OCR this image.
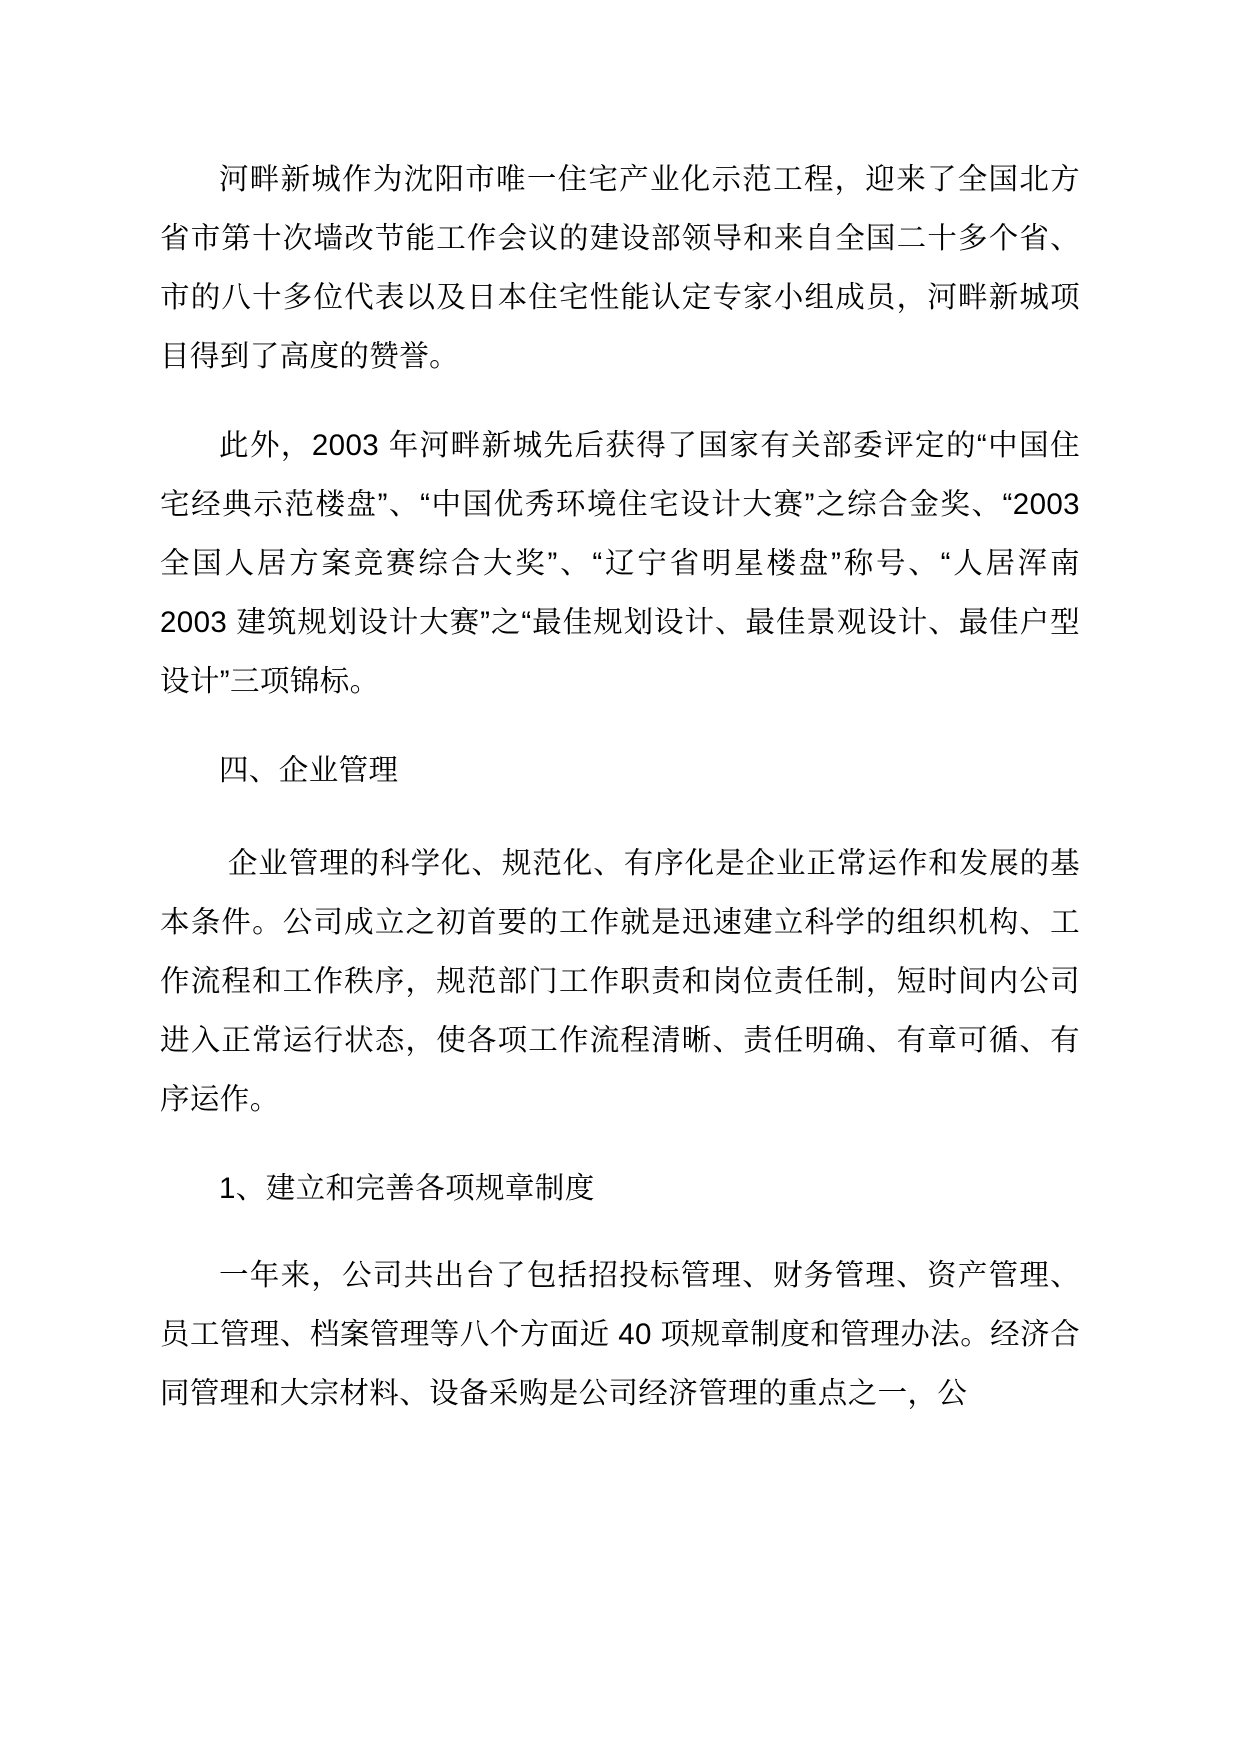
河畔新城作为沈阳市唯一住宅产业化示范工程，迎来了全国北方省市第十次墙改节能工作会议的建设部领导和来自全国二十多个省、市的八十多位代表以及日本住宅性能认定专家小组成员，河畔新城项目得到了高度的赞誉。

此外，2003 年河畔新城先后获得了国家有关部委评定的“中国住宅经典示范楼盘”、“中国优秀环境住宅设计大赛”之综合金奖、“2003 全国人居方案竞赛综合大奖”、“辽宁省明星楼盘”称号、“人居浑南 2003 建筑规划设计大赛”之“最佳规划设计、最佳景观设计、最佳户型设计”三项锦标。

四、企业管理

企业管理的科学化、规范化、有序化是企业正常运作和发展的基本条件。公司成立之初首要的工作就是迅速建立科学的组织机构、工作流程和工作秩序，规范部门工作职责和岗位责任制，短时间内公司进入正常运行状态，使各项工作流程清晰、责任明确、有章可循、有序运作。

1、建立和完善各项规章制度

一年来，公司共出台了包括招投标管理、财务管理、资产管理、员工管理、档案管理等八个方面近 40 项规章制度和管理办法。经济合同管理和大宗材料、设备采购是公司经济管理的重点之一，公
